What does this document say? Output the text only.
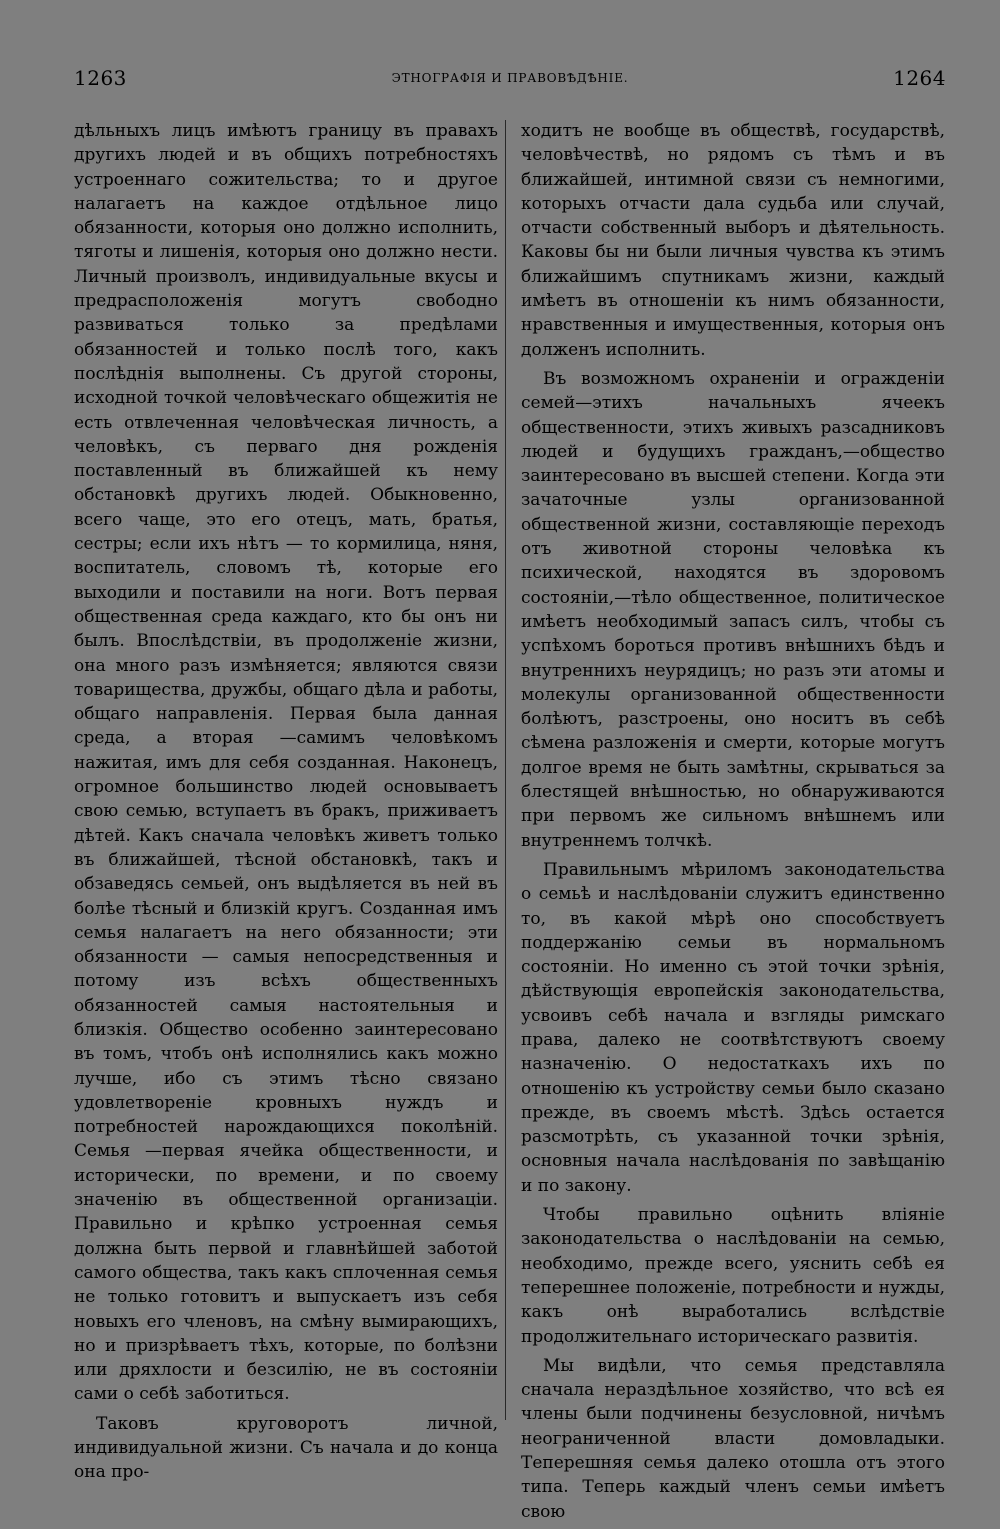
1263	ЭТНОГРАФІЯ И ПРАВОВѢДѢНІЕ.	1264

дѣльныхъ лицъ имѣютъ границу въ правахъ другихъ людей и въ общихъ потребностяхъ устроеннаго сожительства; то и другое налагаетъ на каждое отдѣльное лицо обязанности, которыя оно должно исполнить, тяготы и лишенія, которыя оно должно нести. Личный произволъ, индивидуальные вкусы и предрасположенія могутъ свободно развиваться только за предѣлами обязанностей и только послѣ того, какъ послѣднія выполнены. Съ другой стороны, исходной точкой человѣческаго общежитія не есть отвлеченная человѣческая личность, а человѣкъ, съ перваго дня рожденія поставленный въ ближайшей къ нему обстановкѣ другихъ людей. Обыкновенно, всего чаще, это его отецъ, мать, братья, сестры; если ихъ нѣтъ — то кормилица, няня, воспитатель, словомъ тѣ, которые его выходили и поставили на ноги. Вотъ первая общественная среда каждаго, кто бы онъ ни былъ. Впослѣдствіи, въ продолженіе жизни, она много разъ измѣняется; являются связи товарищества, дружбы, общаго дѣла и работы, общаго направленія. Первая была данная среда, а вторая —самимъ человѣкомъ нажитая, имъ для себя созданная. Наконецъ, огромное большинство людей основываетъ свою семью, вступаетъ въ бракъ, приживаетъ дѣтей. Какъ сначала человѣкъ живетъ только въ ближайшей, тѣсной обстановкѣ, такъ и обзаведясь семьей, онъ выдѣляется въ ней въ болѣе тѣсный и близкій кругъ. Созданная имъ семья налагаетъ на него обязанности; эти обязанности — самыя непосредственныя и потому изъ всѣхъ общественныхъ обязанностей самыя настоятельныя и близкія. Общество особенно заинтересовано въ томъ, чтобъ онѣ исполнялись какъ можно лучше, ибо съ этимъ тѣсно связано удовлетвореніе кровныхъ нуждъ и потребностей нарождающихся поколѣній. Семья —первая ячейка общественности, и исторически, по времени, и по своему значенію въ общественной организаціи. Правильно и крѣпко устроенная семья должна быть первой и главнѣйшей заботой самого общества, такъ какъ сплоченная семья не только готовитъ и выпускаетъ изъ себя новыхъ его членовъ, на смѣну вымирающихъ, но и призрѣваетъ тѣхъ, которые, по болѣзни или дряхлости и безсилію, не въ состояніи сами о себѣ заботиться.

Таковъ круговоротъ личной, индивидуальной жизни. Съ начала и до конца она про-

ходитъ не вообще въ обществѣ, государствѣ, человѣчествѣ, но рядомъ съ тѣмъ и въ ближайшей, интимной связи съ немногими, которыхъ отчасти дала судьба или случай, отчасти собственный выборъ и дѣятельность. Каковы бы ни были личныя чувства къ этимъ ближайшимъ спутникамъ жизни, каждый имѣетъ въ отношеніи къ нимъ обязанности, нравственныя и имущественныя, которыя онъ долженъ исполнить.

Въ возможномъ охраненіи и огражденіи семей—этихъ начальныхъ ячеекъ общественности, этихъ живыхъ разсадниковъ людей и будущихъ гражданъ,—общество заинтересовано въ высшей степени. Когда эти зачаточные узлы организованной общественной жизни, составляющіе переходъ отъ животной стороны человѣка къ психической, находятся въ здоровомъ состояніи,—тѣло общественное, политическое имѣетъ необходимый запасъ силъ, чтобы съ успѣхомъ бороться противъ внѣшнихъ бѣдъ и внутреннихъ неурядицъ; но разъ эти атомы и молекулы организованной общественности болѣютъ, разстроены, оно носитъ въ себѣ сѣмена разложенія и смерти, которые могутъ долгое время не быть замѣтны, скрываться за блестящей внѣшностью, но обнаруживаются при первомъ же сильномъ внѣшнемъ или внутреннемъ толчкѣ.

Правильнымъ мѣриломъ законодательства о семьѣ и наслѣдованіи служитъ единственно то, въ какой мѣрѣ оно способствуетъ поддержанію семьи въ нормальномъ состояніи. Но именно съ этой точки зрѣнія, дѣйствующія европейскія законодательства, усвоивъ себѣ начала и взгляды римскаго права, далеко не соотвѣтствуютъ своему назначенію. О недостаткахъ ихъ по отношенію къ устройству семьи было сказано прежде, въ своемъ мѣстѣ. Здѣсь остается разсмотрѣть, съ указанной точки зрѣнія, основныя начала наслѣдованія по завѣщанію и по закону.

Чтобы правильно оцѣнить вліяніе законодательства о наслѣдованіи на семью, необходимо, прежде всего, уяснить себѣ ея теперешнее положеніе, потребности и нужды, какъ онѣ выработались вслѣдствіе продолжительнаго историческаго развитія.

Мы видѣли, что семья представляла сначала нераздѣльное хозяйство, что всѣ ея члены были подчинены безусловной, ничѣмъ неограниченной власти домовладыки. Теперешняя семья далеко отошла отъ этого типа. Теперь каждый членъ семьи имѣетъ свою
